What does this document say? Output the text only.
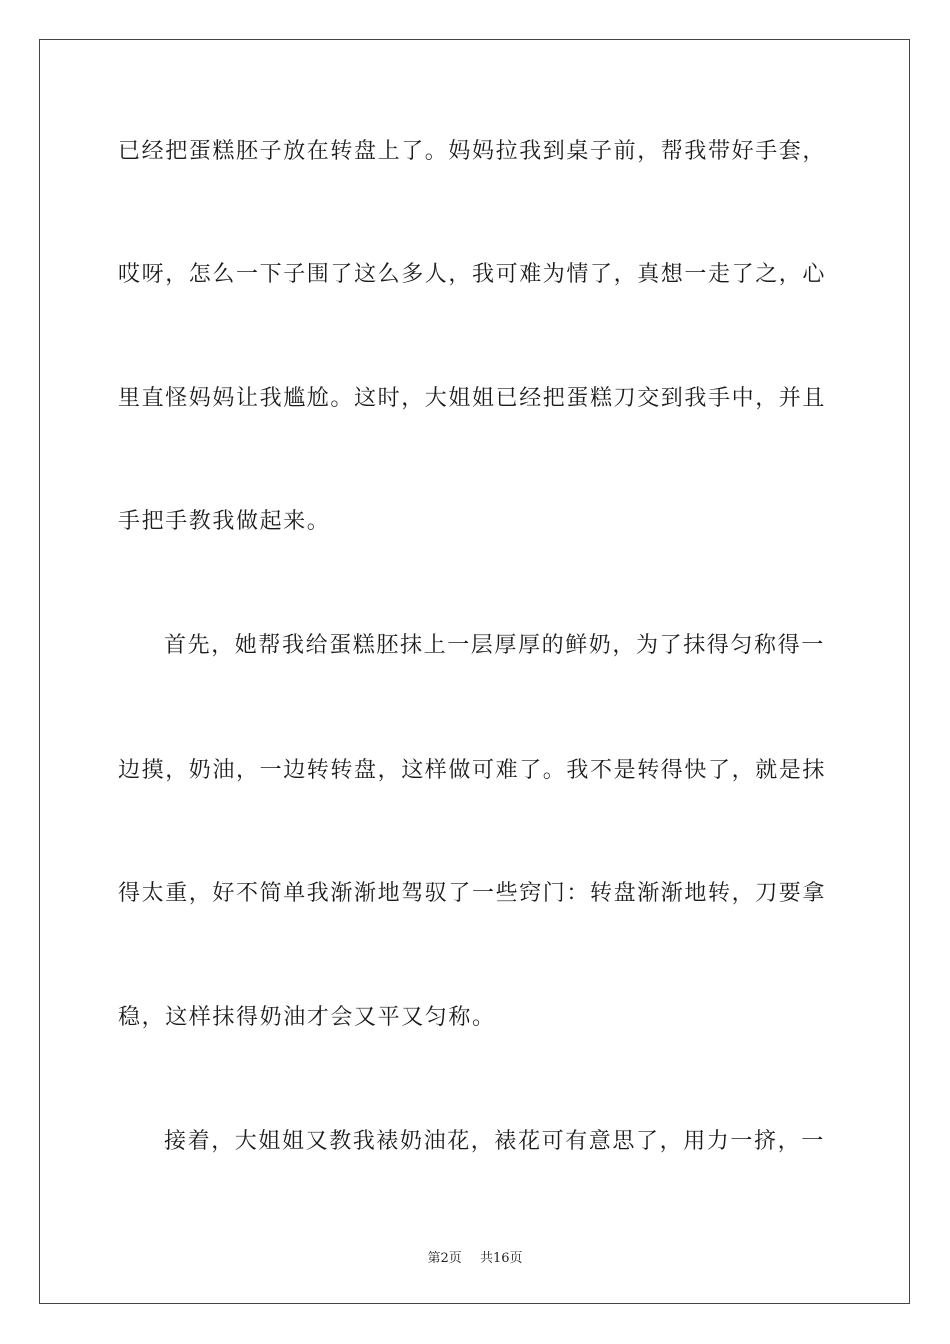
已经把蛋糕胚子放在转盘上了。妈妈拉我到桌子前，帮我带好手套，
哎呀，怎么一下子围了这么多人，我可难为情了，真想一走了之，心
里直怪妈妈让我尴尬。这时，大姐姐已经把蛋糕刀交到我手中，并且
手把手教我做起来。
首先，她帮我给蛋糕胚抹上一层厚厚的鲜奶，为了抹得匀称得一
边摸，奶油，一边转转盘，这样做可难了。我不是转得快了，就是抹
得太重，好不简单我渐渐地驾驭了一些窍门：转盘渐渐地转，刀要拿
稳，这样抹得奶油才会又平又匀称。
接着，大姐姐又教我裱奶油花，裱花可有意思了，用力一挤，一
第2页 共16页
